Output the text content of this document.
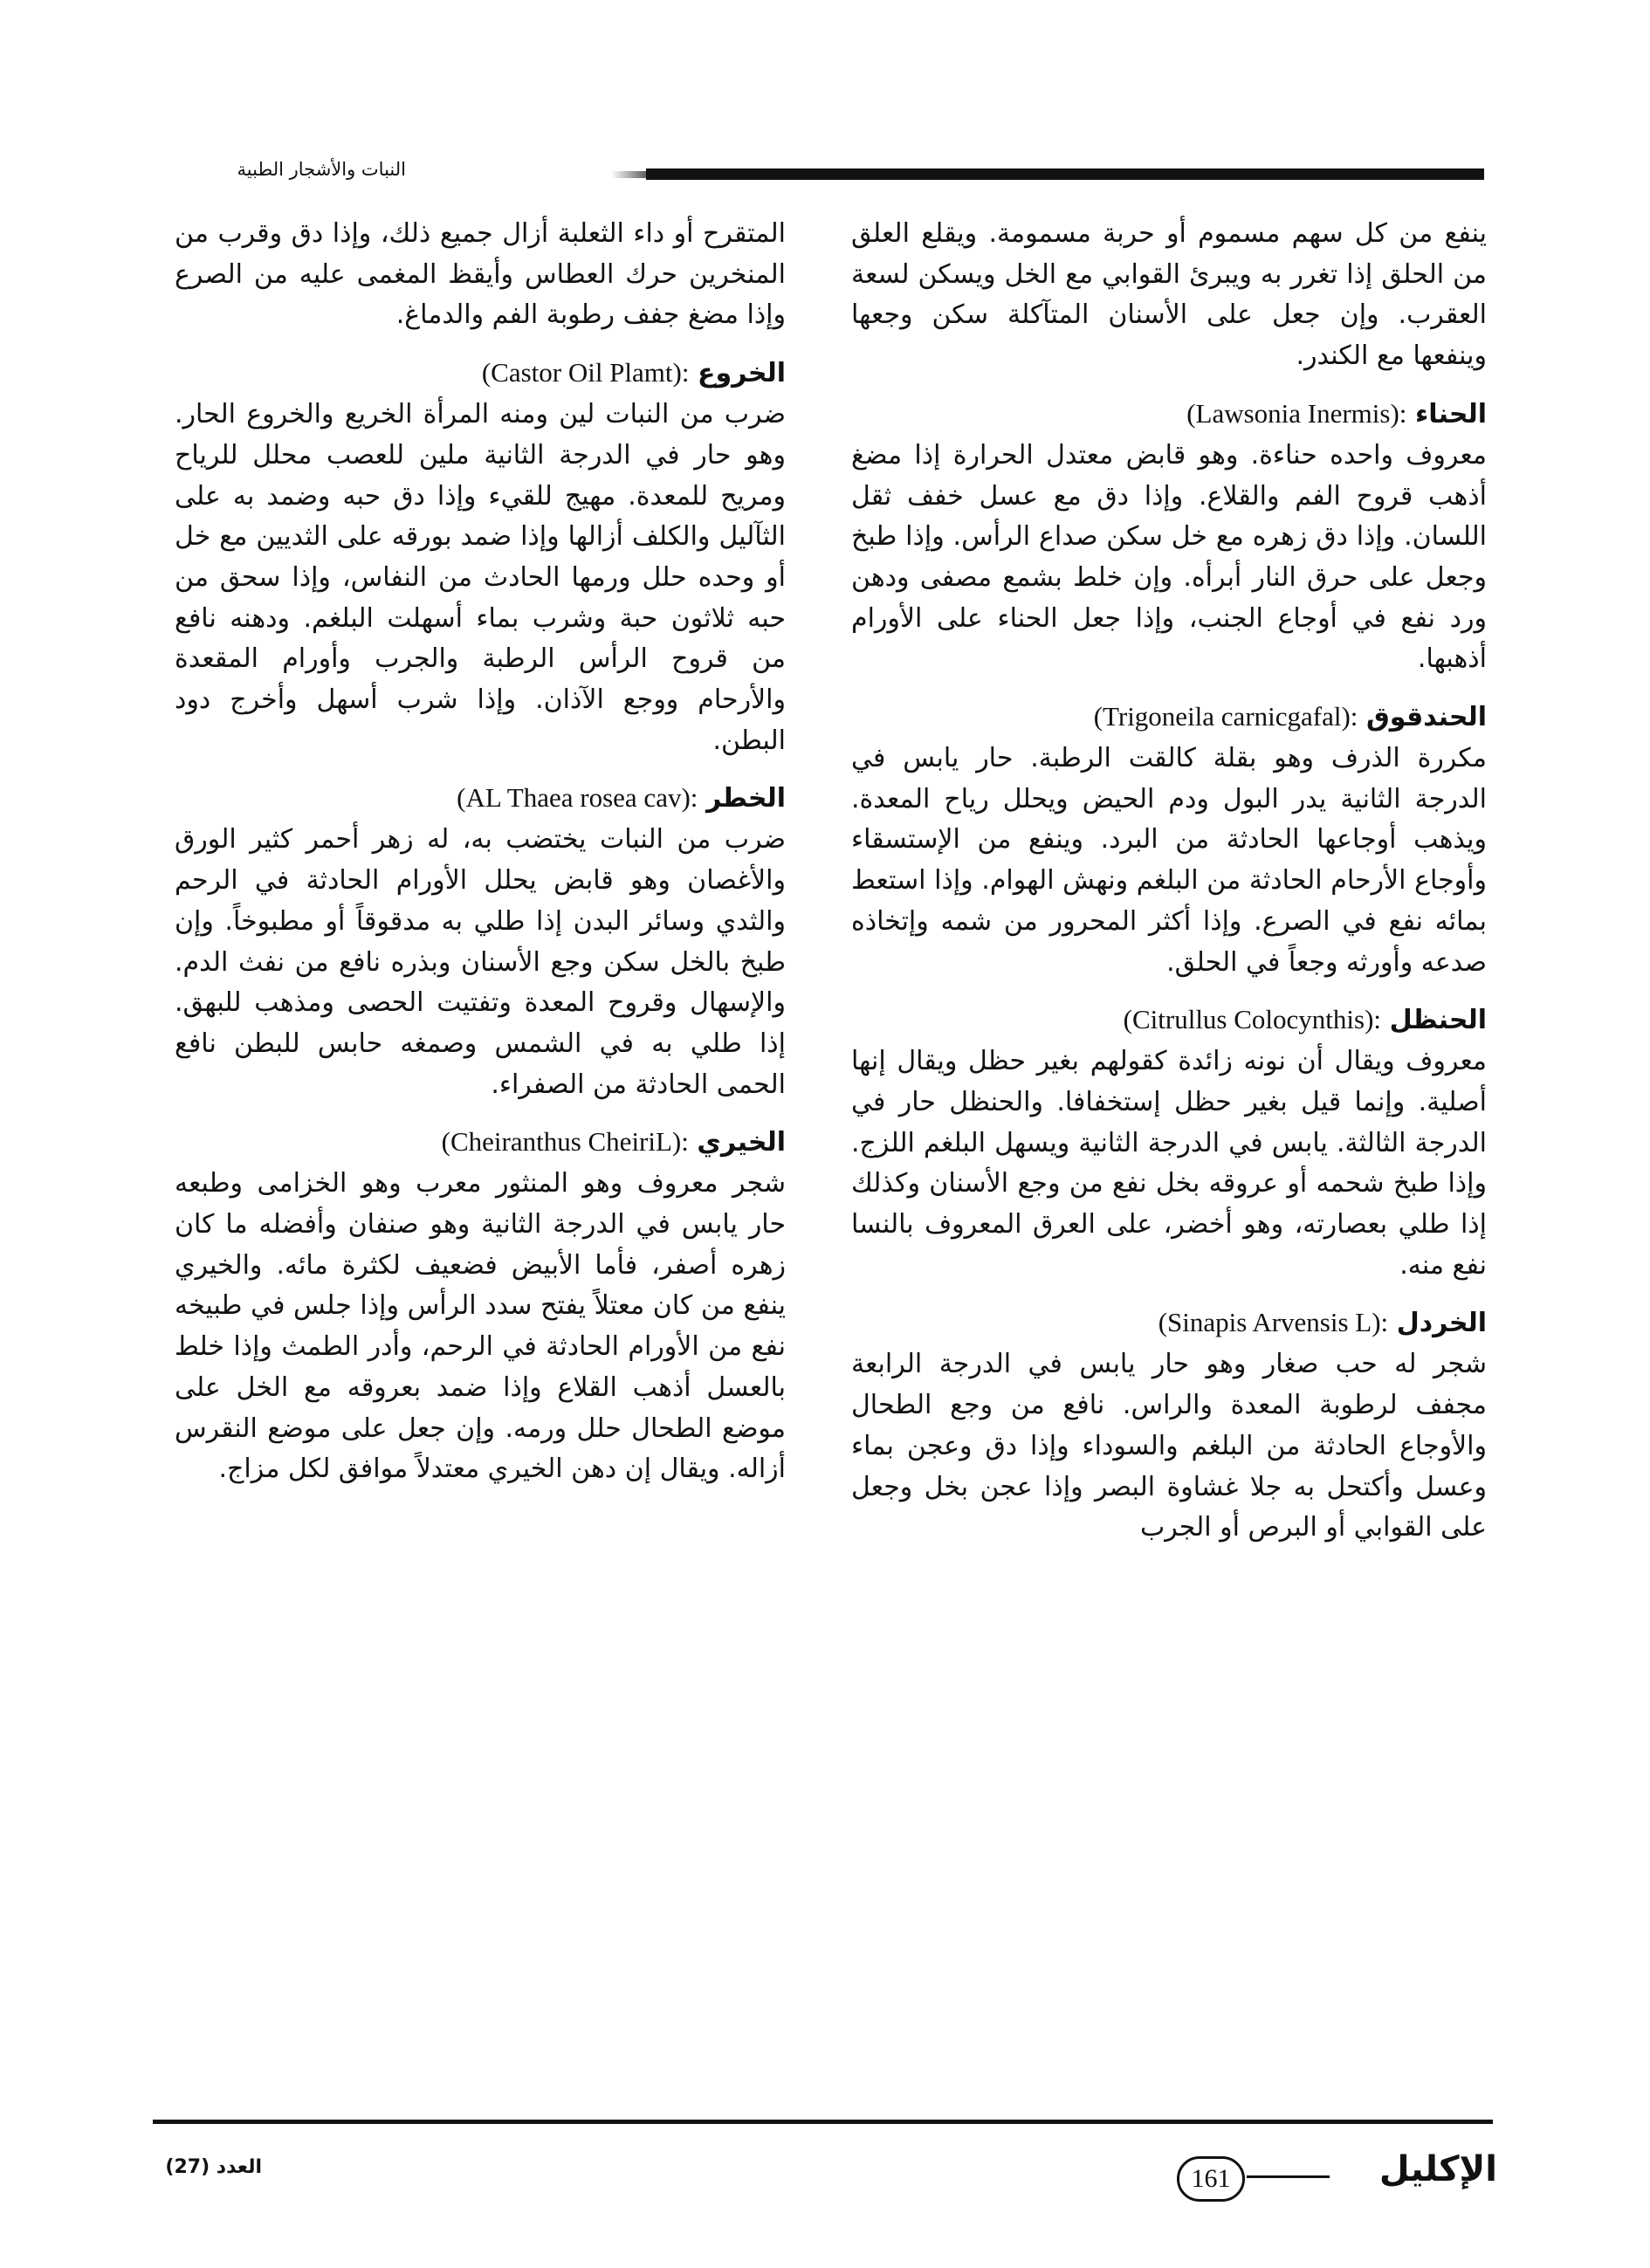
النبات والأشجار الطبية

ينفع من كل سهم مسموم أو حربة مسمومة. ويقلع العلق من الحلق إذا تغرر به ويبرئ القوابي مع الخل ويسكن لسعة العقرب. وإن جعل على الأسنان المتآكلة سكن وجعها وينفعها مع الكندر.

الحناء (Lawsonia Inermis):

معروف واحده حناءة. وهو قابض معتدل الحرارة إذا مضغ أذهب قروح الفم والقلاع. وإذا دق مع عسل خفف ثقل اللسان. وإذا دق زهره مع خل سكن صداع الرأس. وإذا طبخ وجعل على حرق النار أبرأه. وإن خلط بشمع مصفى ودهن ورد نفع في أوجاع الجنب، وإذا جعل الحناء على الأورام أذهبها.

الحندقوق (Trigoneila carnicgafal):

مكررة الذرف وهو بقلة كالقت الرطبة. حار يابس في الدرجة الثانية يدر البول ودم الحيض ويحلل رياح المعدة. ويذهب أوجاعها الحادثة من البرد. وينفع من الإستسقاء وأوجاع الأرحام الحادثة من البلغم ونهش الهوام. وإذا استعط بمائه نفع في الصرع. وإذا أكثر المحرور من شمه وإتخاذه صدعه وأورثه وجعاً في الحلق.

الحنظل (Citrullus Colocynthis):

معروف ويقال أن نونه زائدة كقولهم بغير حظل ويقال إنها أصلية. وإنما قيل بغير حظل إستخفافا. والحنظل حار في الدرجة الثالثة. يابس في الدرجة الثانية ويسهل البلغم اللزج. وإذا طبخ شحمه أو عروقه بخل نفع من وجع الأسنان وكذلك إذا طلي بعصارته، وهو أخضر، على العرق المعروف بالنسا نفع منه.

الخردل (Sinapis Arvensis L):

شجر له حب صغار وهو حار يابس في الدرجة الرابعة مجفف لرطوبة المعدة والراس. نافع من وجع الطحال والأوجاع الحادثة من البلغم والسوداء وإذا دق وعجن بماء وعسل وأكتحل به جلا غشاوة البصر وإذا عجن بخل وجعل على القوابي أو البرص أو الجرب

المتقرح أو داء الثعلبة أزال جميع ذلك، وإذا دق وقرب من المنخرين حرك العطاس وأيقظ المغمى عليه من الصرع وإذا مضغ جفف رطوبة الفم والدماغ.

الخروع (Castor Oil Plamt):

ضرب من النبات لين ومنه المرأة الخريع والخروع الحار. وهو حار في الدرجة الثانية ملين للعصب محلل للرياح ومريح للمعدة. مهيج للقيء وإذا دق حبه وضمد به على الثآليل والكلف أزالها وإذا ضمد بورقه على الثديين مع خل أو وحده حلل ورمها الحادث من النفاس، وإذا سحق من حبه ثلاثون حبة وشرب بماء أسهلت البلغم. ودهنه نافع من قروح الرأس الرطبة والجرب وأورام المقعدة والأرحام ووجع الآذان. وإذا شرب أسهل وأخرج دود البطن.

الخطر (AL Thaea rosea cav):

ضرب من النبات يختضب به، له زهر أحمر كثير الورق والأغصان وهو قابض يحلل الأورام الحادثة في الرحم والثدي وسائر البدن إذا طلي به مدقوقاً أو مطبوخاً. وإن طبخ بالخل سكن وجع الأسنان وبذره نافع من نفث الدم. والإسهال وقروح المعدة وتفتيت الحصى ومذهب للبهق. إذا طلي به في الشمس وصمغه حابس للبطن نافع الحمى الحادثة من الصفراء.

الخيري (Cheiranthus CheiriL):

شجر معروف وهو المنثور معرب وهو الخزامى وطبعه حار يابس في الدرجة الثانية وهو صنفان وأفضله ما كان زهره أصفر، فأما الأبيض فضعيف لكثرة مائه. والخيري ينفع من كان معتلاً يفتح سدد الرأس وإذا جلس في طبيخه نفع من الأورام الحادثة في الرحم، وأدر الطمث وإذا خلط بالعسل أذهب القلاع وإذا ضمد بعروقه مع الخل على موضع الطحال حلل ورمه. وإن جعل على موضع النقرس أزاله. ويقال إن دهن الخيري معتدلاً موافق لكل مزاج.

الإكليل
161
العدد (27)
